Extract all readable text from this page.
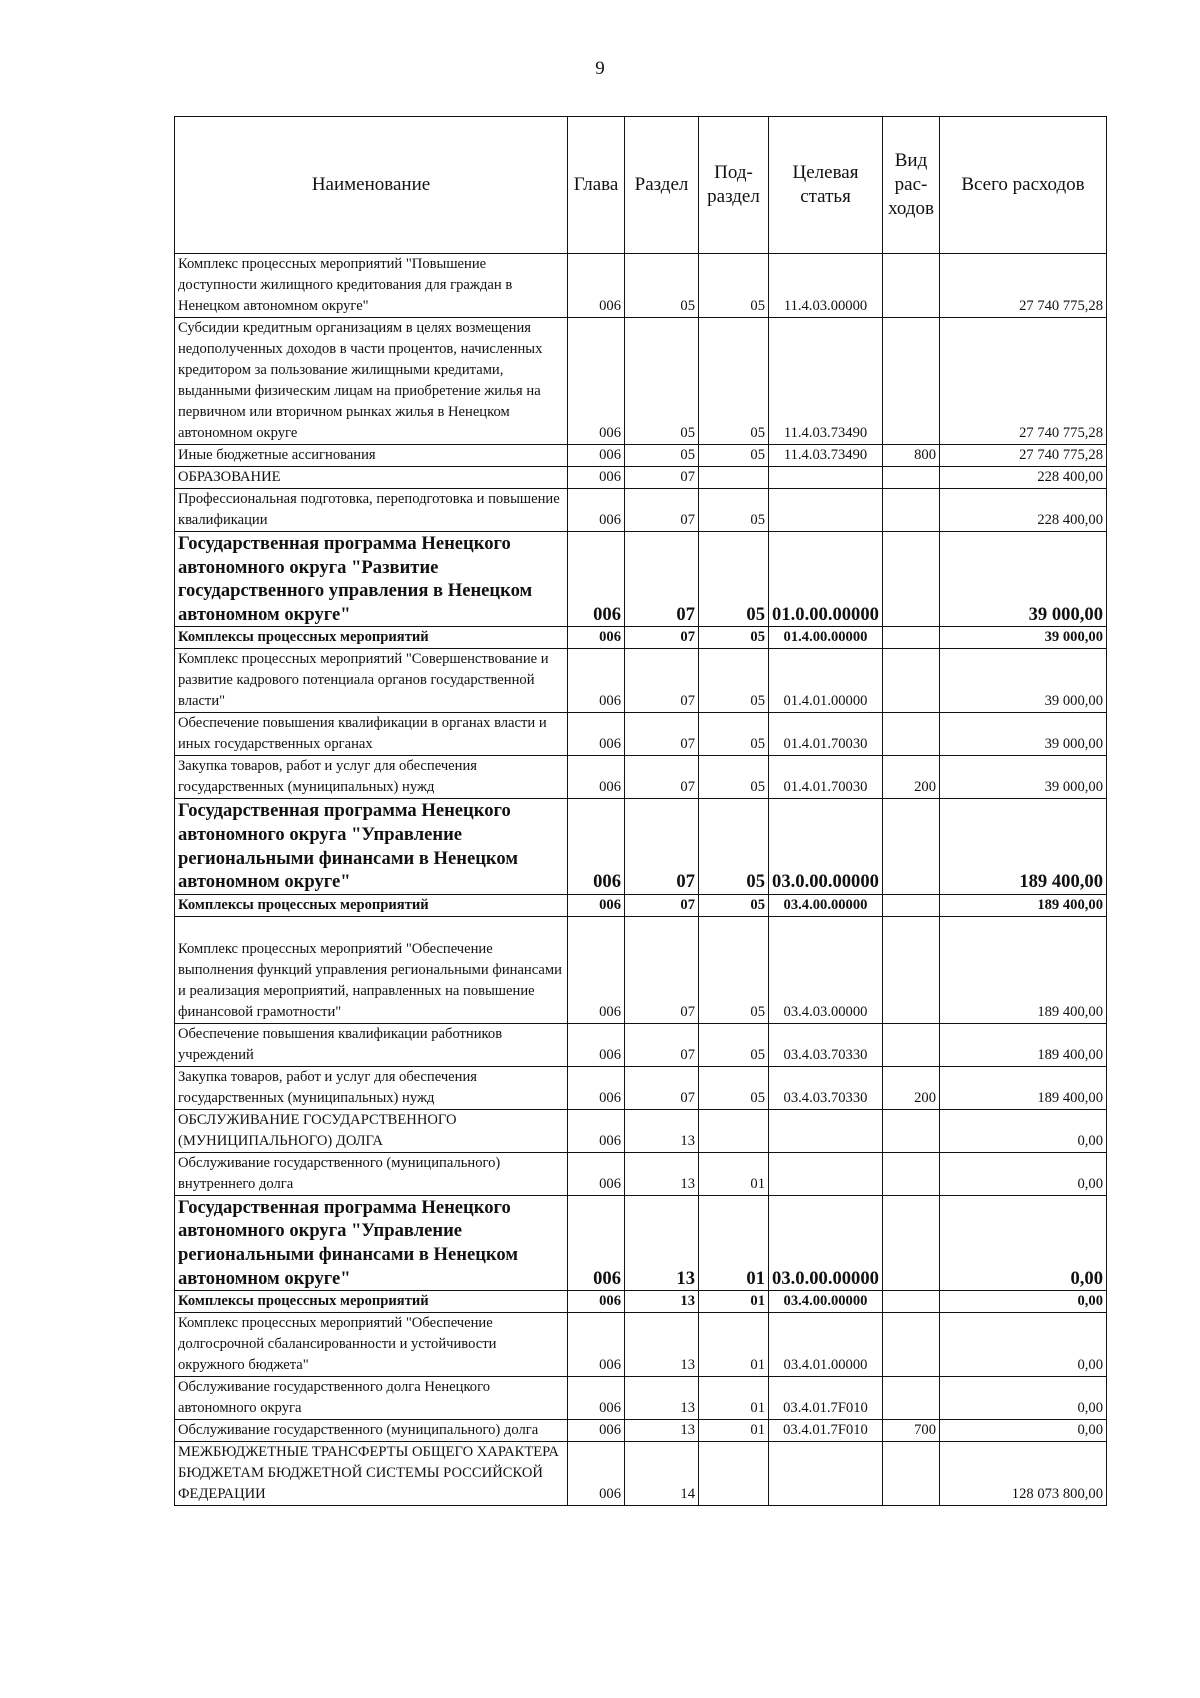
9
Наименование	Глава	Раздел	Под-раздел	Целевая статья	Вид рас-ходов	Всего расходов
Комплекс процессных мероприятий "Повышение доступности жилищного кредитования для граждан в Ненецком автономном округе"	006	05	05	11.4.03.00000		27 740 775,28
Субсидии кредитным организациям в целях возмещения недополученных доходов в части процентов, начисленных кредитором за пользование жилищными кредитами, выданными физическим лицам на приобретение жилья на первичном или вторичном рынках жилья в Ненецком автономном округе	006	05	05	11.4.03.73490		27 740 775,28
Иные бюджетные ассигнования	006	05	05	11.4.03.73490	800	27 740 775,28
ОБРАЗОВАНИЕ	006	07				228 400,00
Профессиональная подготовка, переподготовка и повышение квалификации	006	07	05			228 400,00
Государственная программа Ненецкого автономного округа "Развитие государственного управления в Ненецком автономном округе"	006	07	05	01.0.00.00000		39 000,00
Комплексы процессных мероприятий	006	07	05	01.4.00.00000		39 000,00
Комплекс процессных мероприятий "Совершенствование и развитие кадрового потенциала органов государственной власти"	006	07	05	01.4.01.00000		39 000,00
Обеспечение повышения квалификации в органах власти и иных государственных органах	006	07	05	01.4.01.70030		39 000,00
Закупка товаров, работ и услуг для обеспечения государственных (муниципальных) нужд	006	07	05	01.4.01.70030	200	39 000,00
Государственная программа Ненецкого автономного округа "Управление региональными финансами в Ненецком автономном округе"	006	07	05	03.0.00.00000		189 400,00
Комплексы процессных мероприятий	006	07	05	03.4.00.00000		189 400,00
Комплекс процессных мероприятий "Обеспечение выполнения функций управления региональными финансами и реализация мероприятий, направленных на повышение финансовой грамотности"	006	07	05	03.4.03.00000		189 400,00
Обеспечение повышения квалификации работников учреждений	006	07	05	03.4.03.70330		189 400,00
Закупка товаров, работ и услуг для обеспечения государственных (муниципальных) нужд	006	07	05	03.4.03.70330	200	189 400,00
ОБСЛУЖИВАНИЕ ГОСУДАРСТВЕННОГО (МУНИЦИПАЛЬНОГО) ДОЛГА	006	13				0,00
Обслуживание государственного (муниципального) внутреннего долга	006	13	01			0,00
Государственная программа Ненецкого автономного округа "Управление региональными финансами в Ненецком автономном округе"	006	13	01	03.0.00.00000		0,00
Комплексы процессных мероприятий	006	13	01	03.4.00.00000		0,00
Комплекс процессных мероприятий "Обеспечение долгосрочной сбалансированности и устойчивости окружного бюджета"	006	13	01	03.4.01.00000		0,00
Обслуживание государственного долга Ненецкого автономного округа	006	13	01	03.4.01.7F010		0,00
Обслуживание государственного (муниципального) долга	006	13	01	03.4.01.7F010	700	0,00
МЕЖБЮДЖЕТНЫЕ ТРАНСФЕРТЫ ОБЩЕГО ХАРАКТЕРА БЮДЖЕТАМ БЮДЖЕТНОЙ СИСТЕМЫ РОССИЙСКОЙ ФЕДЕРАЦИИ	006	14				128 073 800,00
